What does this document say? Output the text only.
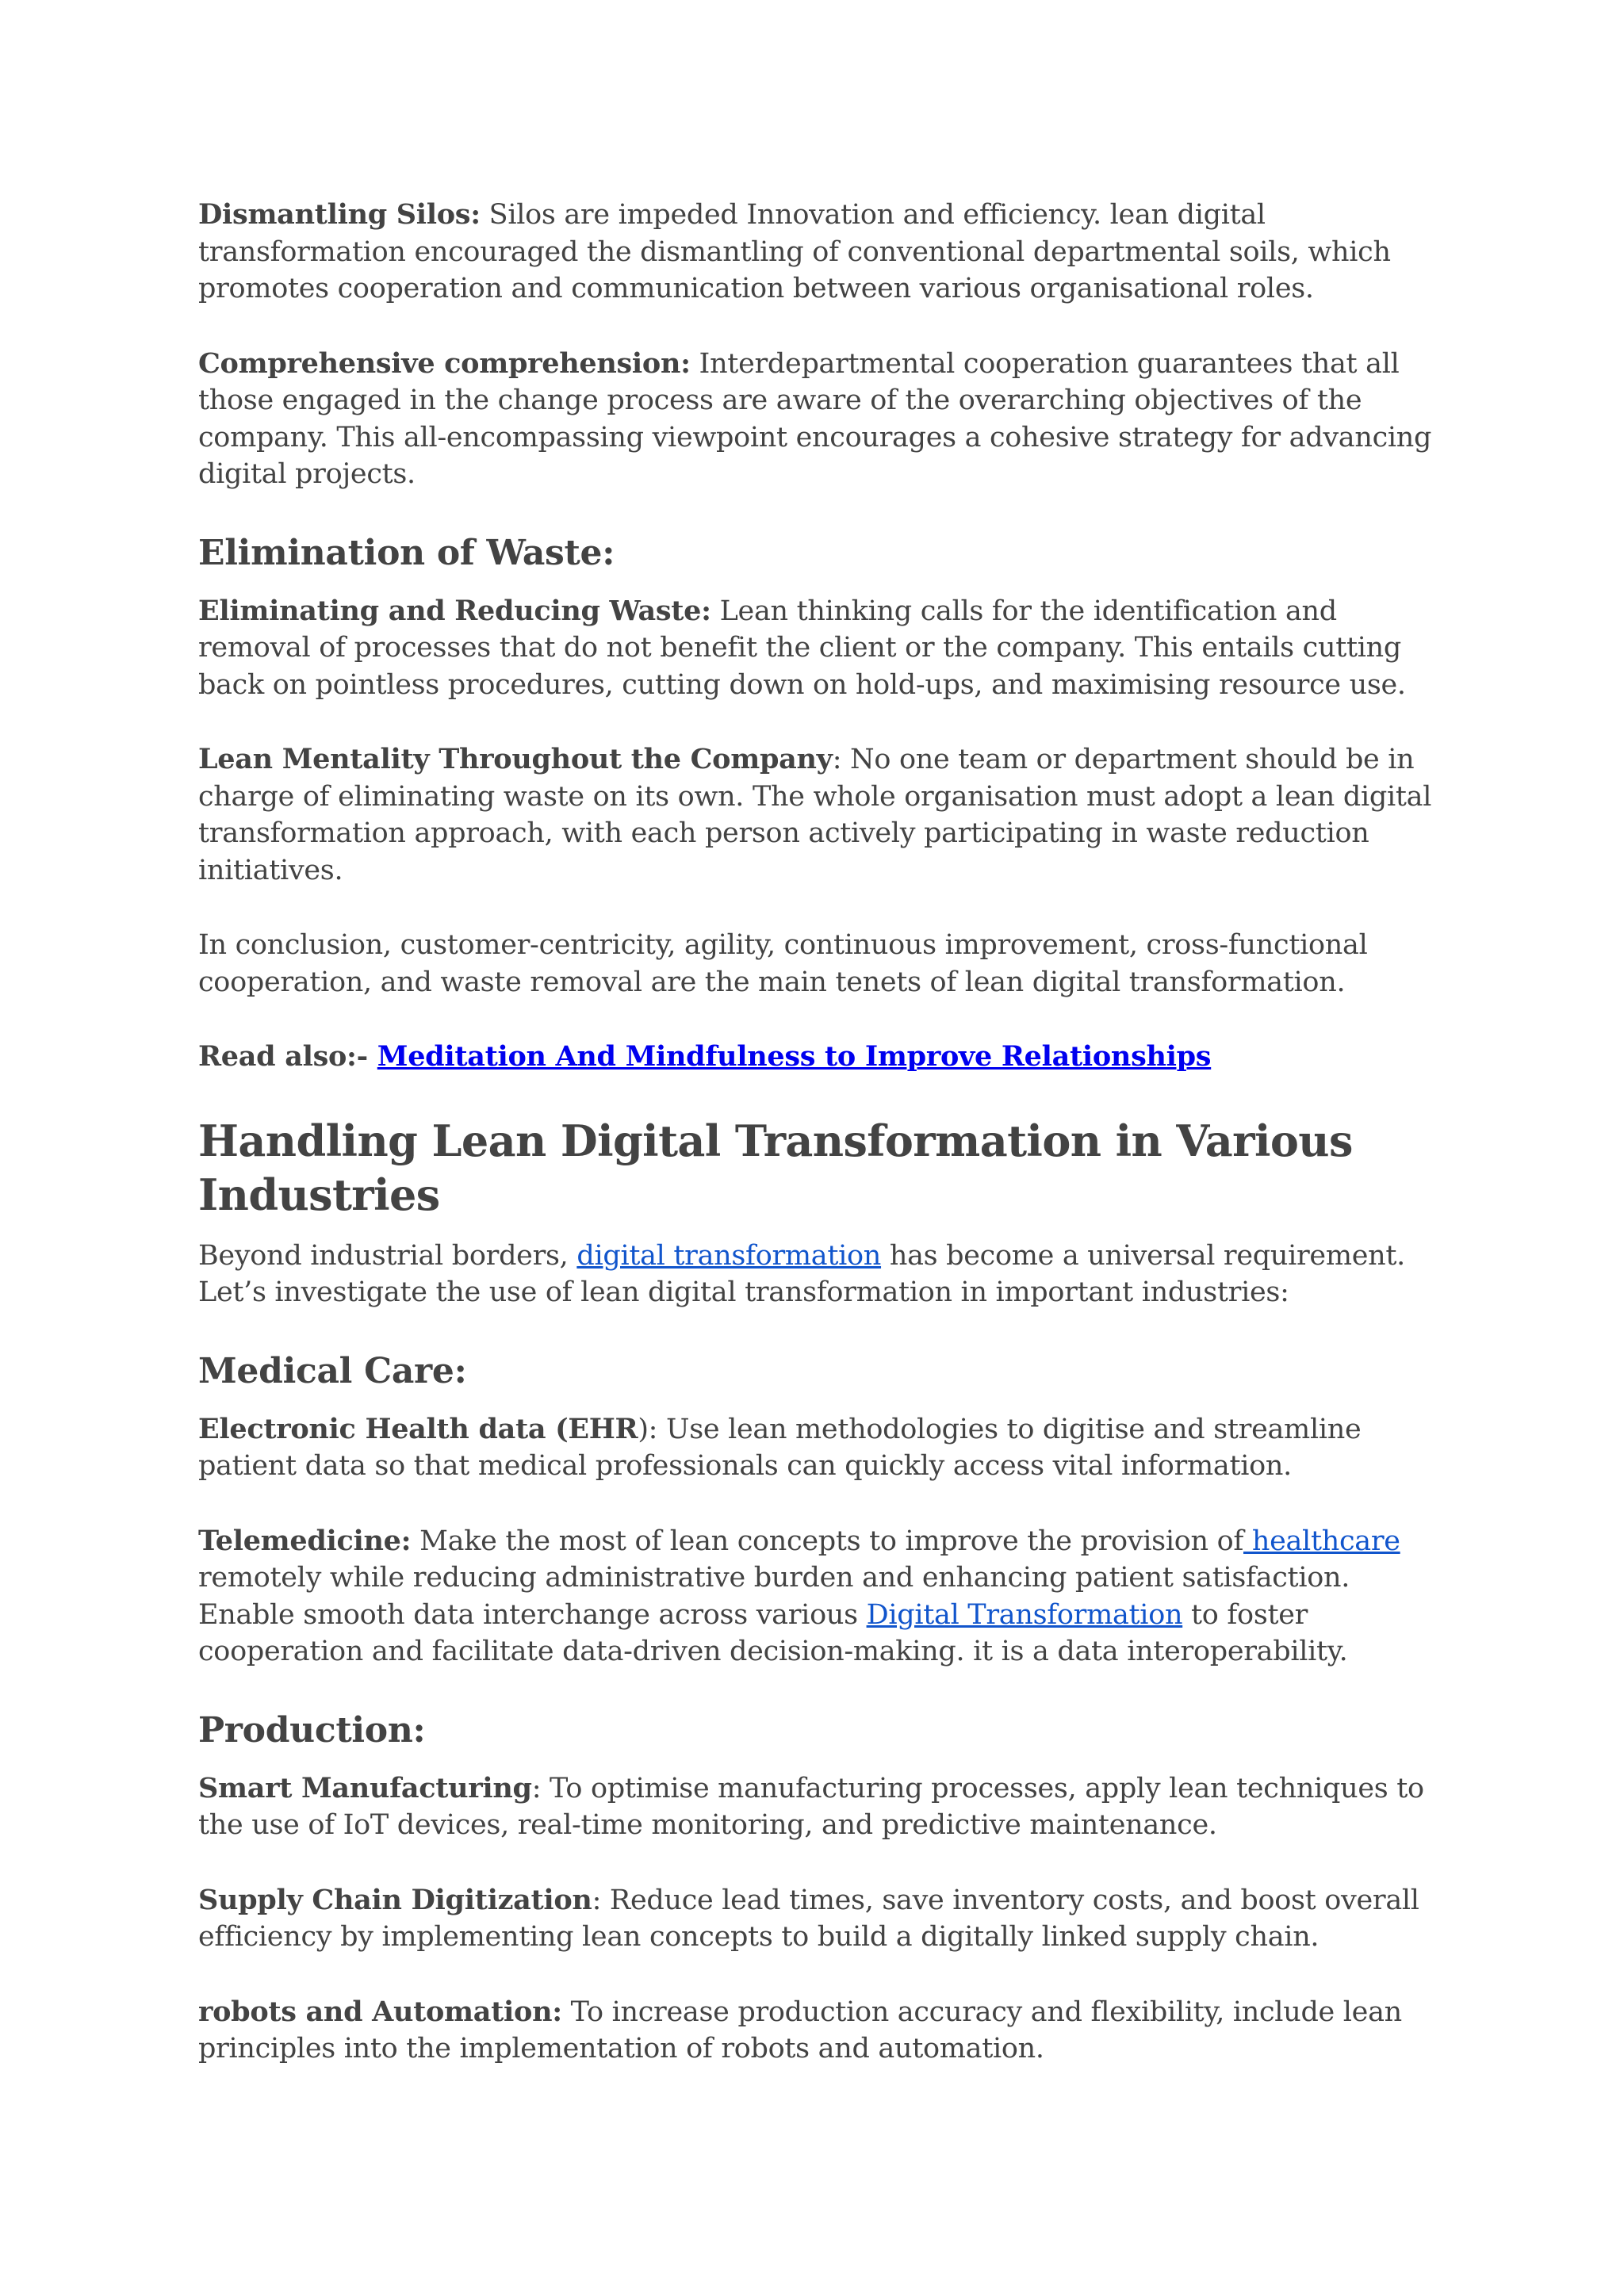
Dismantling Silos: Silos are impeded Innovation and efficiency. lean digital transformation encouraged the dismantling of conventional departmental soils, which promotes cooperation and communication between various organisational roles.

Comprehensive comprehension: Interdepartmental cooperation guarantees that all those engaged in the change process are aware of the overarching objectives of the company. This all-encompassing viewpoint encourages a cohesive strategy for advancing digital projects.

Elimination of Waste:

Eliminating and Reducing Waste: Lean thinking calls for the identification and removal of processes that do not benefit the client or the company. This entails cutting back on pointless procedures, cutting down on hold-ups, and maximising resource use.

Lean Mentality Throughout the Company: No one team or department should be in charge of eliminating waste on its own. The whole organisation must adopt a lean digital transformation approach, with each person actively participating in waste reduction initiatives.

In conclusion, customer-centricity, agility, continuous improvement, cross-functional cooperation, and waste removal are the main tenets of lean digital transformation.

Read also:- Meditation And Mindfulness to Improve Relationships

Handling Lean Digital Transformation in Various Industries

Beyond industrial borders, digital transformation has become a universal requirement. Let’s investigate the use of lean digital transformation in important industries:

Medical Care:

Electronic Health data (EHR): Use lean methodologies to digitise and streamline patient data so that medical professionals can quickly access vital information.

Telemedicine: Make the most of lean concepts to improve the provision of healthcare remotely while reducing administrative burden and enhancing patient satisfaction. Enable smooth data interchange across various Digital Transformation to foster cooperation and facilitate data-driven decision-making. it is a data interoperability.

Production:

Smart Manufacturing: To optimise manufacturing processes, apply lean techniques to the use of IoT devices, real-time monitoring, and predictive maintenance.

Supply Chain Digitization: Reduce lead times, save inventory costs, and boost overall efficiency by implementing lean concepts to build a digitally linked supply chain.

robots and Automation: To increase production accuracy and flexibility, include lean principles into the implementation of robots and automation.
